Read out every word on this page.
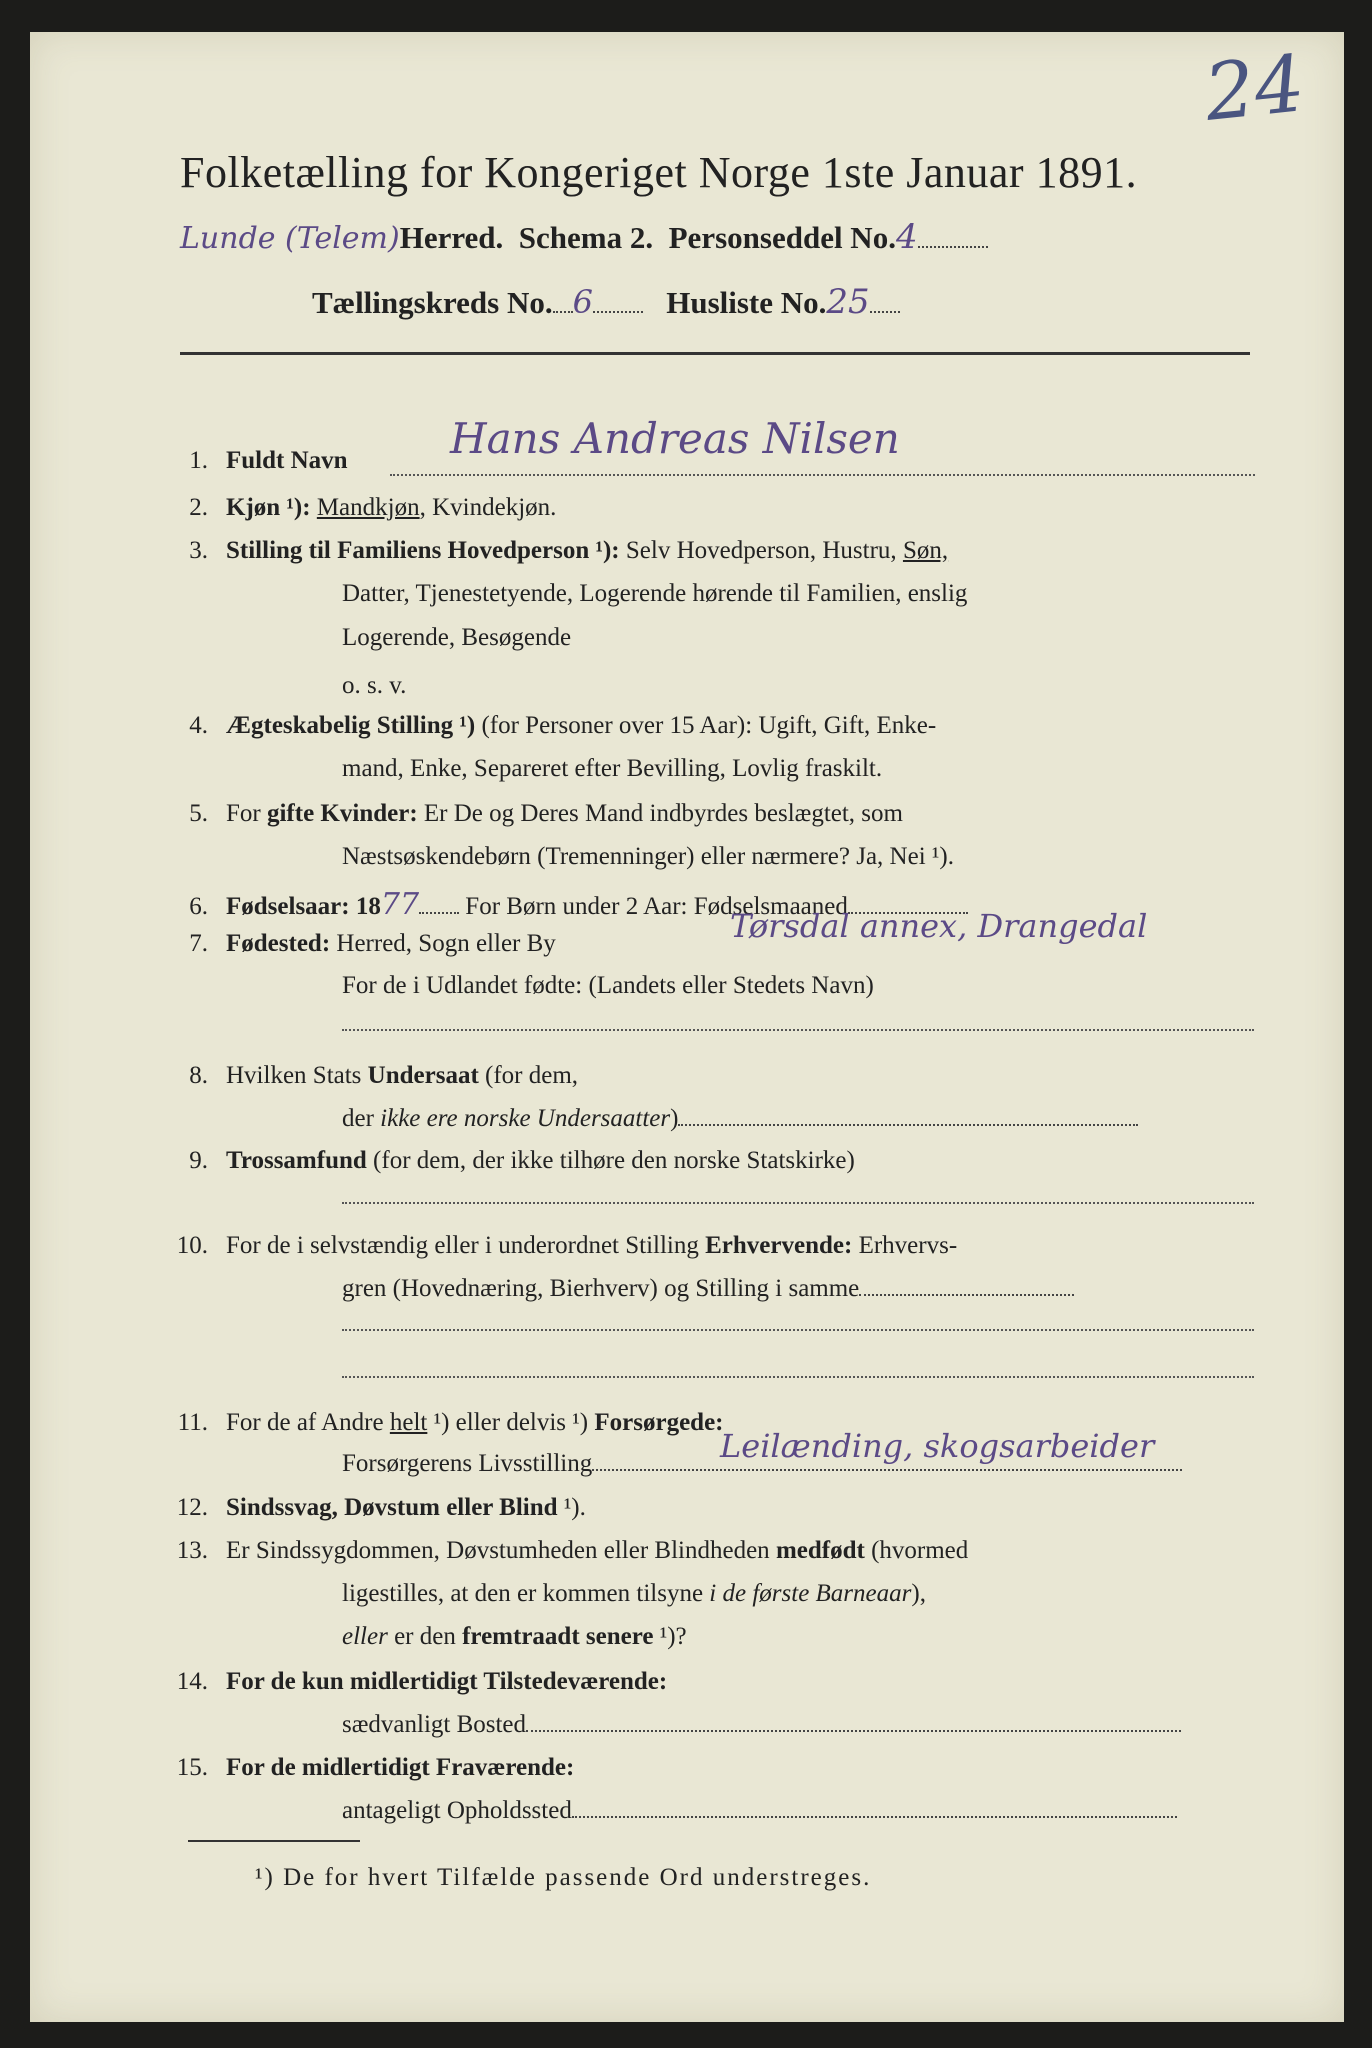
24
Folketælling for Kongeriget Norge 1ste Januar 1891.
Lunde (Telem)Herred. Schema 2. Personseddel No.4
Tællingskreds No. 6 Husliste No.25
1. Fuldt Navn Hans Andreas Nilsen
2. Kjøn ¹): Mandkjøn, Kvindekjøn.
3. Stilling til Familiens Hovedperson ¹): Selv Hovedperson, Hustru, Søn,
Datter, Tjenestetyende, Logerende hørende til Familien, enslig
Logerende, Besøgende
o. s. v.
4. Ægteskabelig Stilling ¹) (for Personer over 15 Aar): Ugift, Gift, Enke-
mand, Enke, Separeret efter Bevilling, Lovlig fraskilt.
5. For gifte Kvinder: Er De og Deres Mand indbyrdes beslægtet, som
Næstsøskendebørn (Tremenninger) eller nærmere? Ja, Nei ¹).
6. Fødselsaar: 1877 For Børn under 2 Aar: Fødselsmaaned
7. Fødested: Herred, Sogn eller By	Tørsdal annex, Drangedal
For de i Udlandet fødte: (Landets eller Stedets Navn)
8. Hvilken Stats Undersaat (for dem,
der ikke ere norske Undersaatter)
9. Trossamfund (for dem, der ikke tilhøre den norske Statskirke)
10. For de i selvstændig eller i underordnet Stilling Erhvervende: Erhvervs-
gren (Hovednæring, Bierhverv) og Stilling i samme
11. For de af Andre helt ¹) eller delvis ¹) Forsørgede:
Forsørgerens Livsstilling	Leilænding, skogsarbeider
12. Sindssvag, Døvstum eller Blind ¹).
13. Er Sindssygdommen, Døvstumheden eller Blindheden medfødt (hvormed
ligestilles, at den er kommen tilsyne i de første Barneaar),
eller er den fremtraadt senere ¹)?
14. For de kun midlertidigt Tilstedeværende:
sædvanligt Bosted
15. For de midlertidigt Fraværende:
antageligt Opholdssted
¹) De for hvert Tilfælde passende Ord understreges.
